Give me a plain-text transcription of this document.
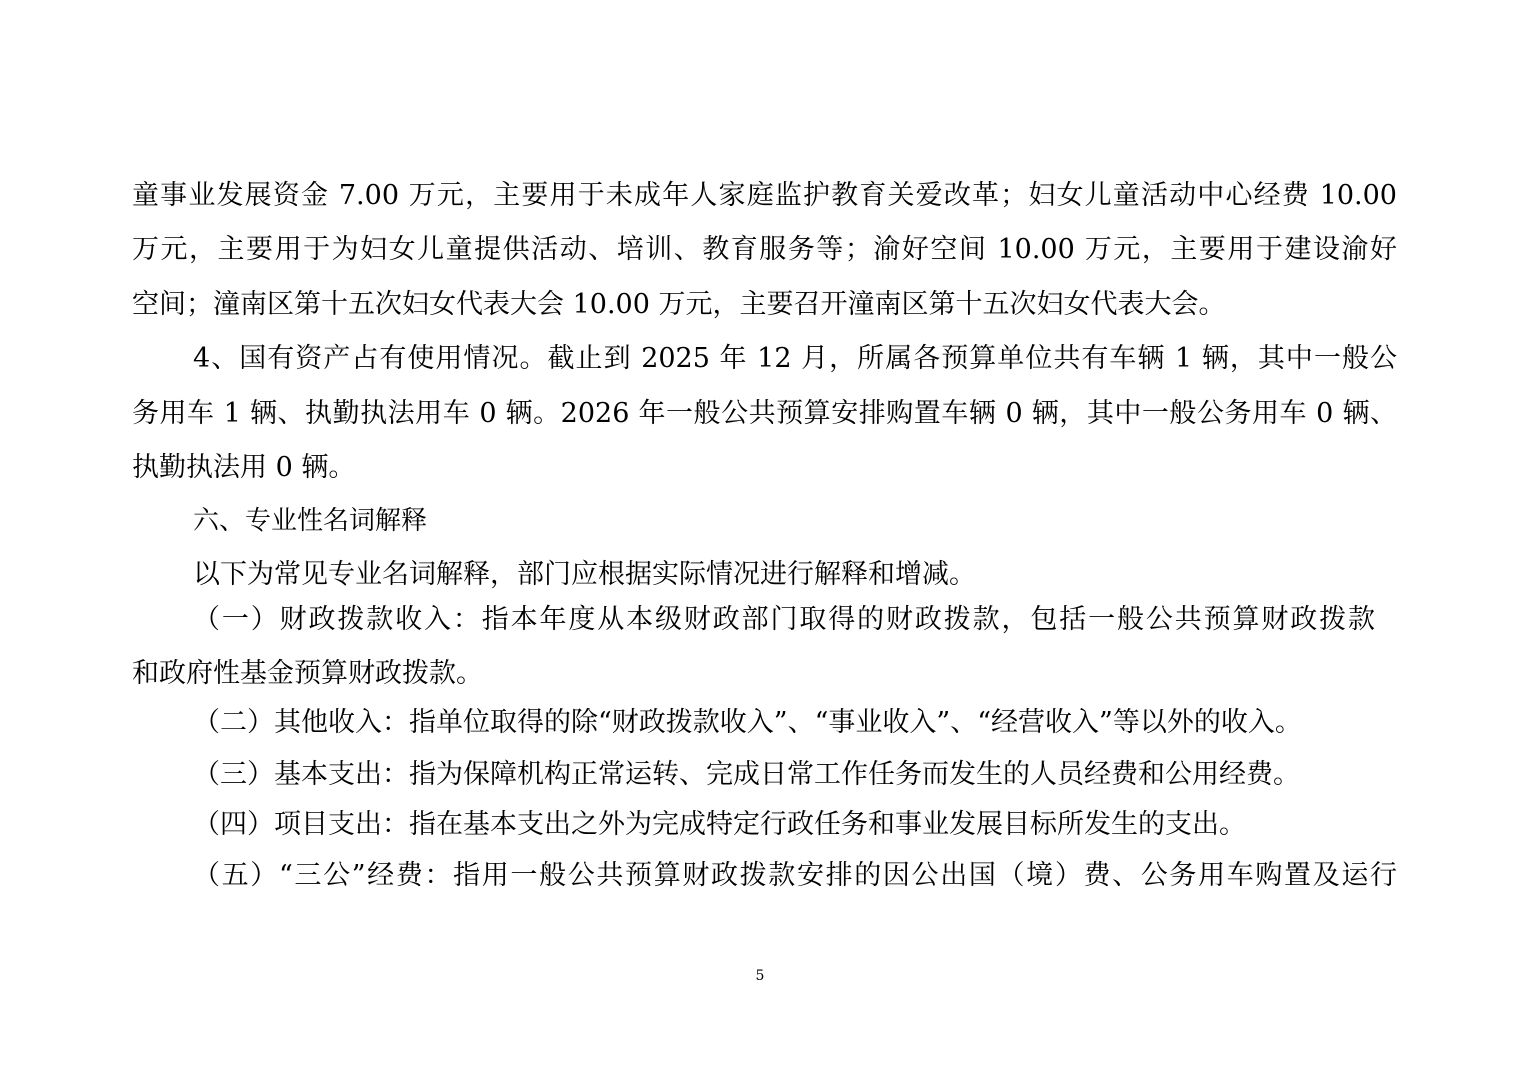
童事业发展资金 7.00 万元，主要用于未成年人家庭监护教育关爱改革；妇女儿童活动中心经费 10.00
万元，主要用于为妇女儿童提供活动、培训、教育服务等；渝好空间 10.00 万元，主要用于建设渝好
空间；潼南区第十五次妇女代表大会 10.00 万元，主要召开潼南区第十五次妇女代表大会。
4、国有资产占有使用情况。截止到 2025 年 12 月，所属各预算单位共有车辆 1 辆，其中一般公
务用车 1 辆、执勤执法用车 0 辆。2026 年一般公共预算安排购置车辆 0 辆，其中一般公务用车 0 辆、
执勤执法用 0 辆。
六、专业性名词解释
以下为常见专业名词解释，部门应根据实际情况进行解释和增减。
（一）财政拨款收入：指本年度从本级财政部门取得的财政拨款，包括一般公共预算财政拨款
和政府性基金预算财政拨款。
（二）其他收入：指单位取得的除“财政拨款收入”、“事业收入”、“经营收入”等以外的收入。
（三）基本支出：指为保障机构正常运转、完成日常工作任务而发生的人员经费和公用经费。
（四）项目支出：指在基本支出之外为完成特定行政任务和事业发展目标所发生的支出。
（五）“三公”经费：指用一般公共预算财政拨款安排的因公出国（境）费、公务用车购置及运行
5
